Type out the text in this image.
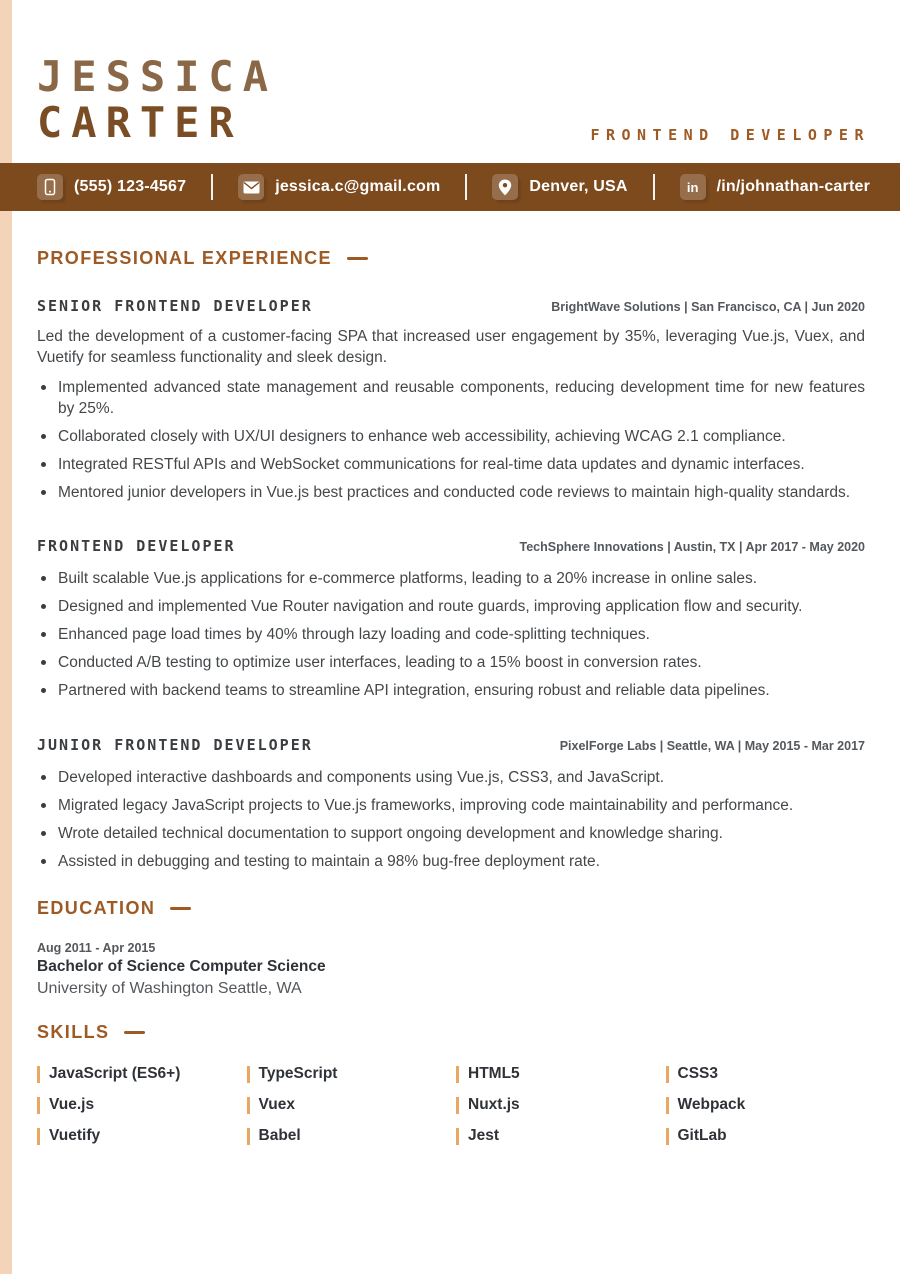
JESSICA
CARTER	FRONTEND DEVELOPER
(555) 123-4567	jessica.c@gmail.com	Denver, USA	in /in/johnathan-carter
PROFESSIONAL EXPERIENCE
SENIOR FRONTEND DEVELOPER	BrightWave Solutions | San Francisco, CA | Jun 2020

Led the development of a customer-facing SPA that increased user engagement by 35%, leveraging Vue.js, Vuex, and Vuetify for seamless functionality and sleek design.

Implemented advanced state management and reusable components, reducing development time for new features by 25%.
Collaborated closely with UX/UI designers to enhance web accessibility, achieving WCAG 2.1 compliance.
Integrated RESTful APIs and WebSocket communications for real-time data updates and dynamic interfaces.
Mentored junior developers in Vue.js best practices and conducted code reviews to maintain high-quality standards.
FRONTEND DEVELOPER	TechSphere Innovations | Austin, TX | Apr 2017 - May 2020
Built scalable Vue.js applications for e-commerce platforms, leading to a 20% increase in online sales.
Designed and implemented Vue Router navigation and route guards, improving application flow and security.
Enhanced page load times by 40% through lazy loading and code-splitting techniques.
Conducted A/B testing to optimize user interfaces, leading to a 15% boost in conversion rates.
Partnered with backend teams to streamline API integration, ensuring robust and reliable data pipelines.
JUNIOR FRONTEND DEVELOPER	PixelForge Labs | Seattle, WA | May 2015 - Mar 2017
Developed interactive dashboards and components using Vue.js, CSS3, and JavaScript.
Migrated legacy JavaScript projects to Vue.js frameworks, improving code maintainability and performance.
Wrote detailed technical documentation to support ongoing development and knowledge sharing.
Assisted in debugging and testing to maintain a 98% bug-free deployment rate.
EDUCATION
Aug 2011 - Apr 2015
Bachelor of Science Computer Science
University of Washington Seattle, WA
SKILLS
JavaScript (ES6+)	TypeScript	HTML5	CSS3
Vue.js	Vuex	Nuxt.js	Webpack
Vuetify	Babel	Jest	GitLab
